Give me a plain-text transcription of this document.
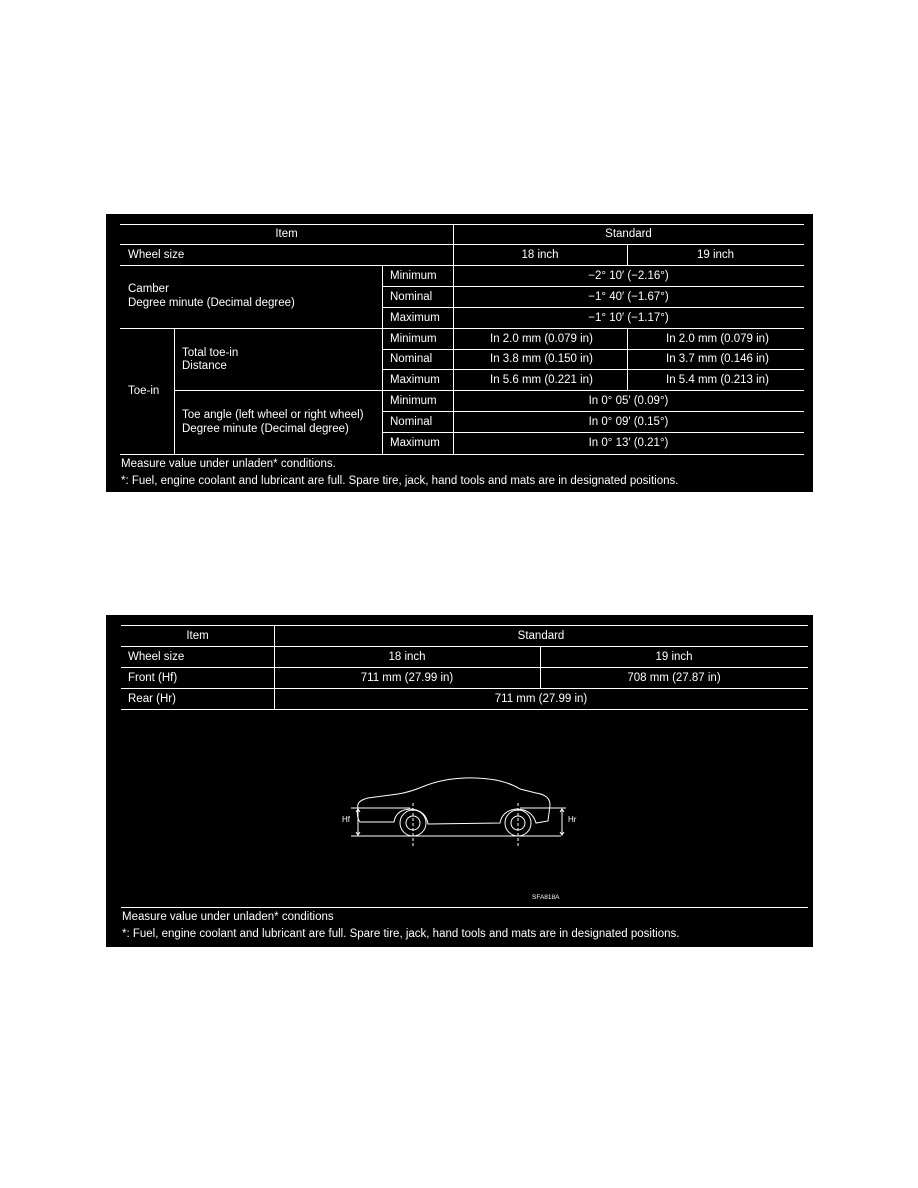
Item	Standard
Wheel size	18 inch	19 inch
Camber
Degree minute (Decimal degree)
Minimum	−2° 10′ (−2.16°)
Nominal	−1° 40′ (−1.67°)
Maximum	−1° 10′ (−1.17°)
Toe-in
Total toe-in
Distance
Minimum	In 2.0 mm (0.079 in)	In 2.0 mm (0.079 in)
Nominal	In 3.8 mm (0.150 in)	In 3.7 mm (0.146 in)
Maximum	In 5.6 mm (0.221 in)	In 5.4 mm (0.213 in)
Toe angle (left wheel or right wheel)
Degree minute (Decimal degree)
Minimum	In 0° 05′ (0.09°)
Nominal	In 0° 09′ (0.15°)
Maximum	In 0° 13′ (0.21°)
Measure value under unladen* conditions.
*: Fuel, engine coolant and lubricant are full. Spare tire, jack, hand tools and mats are in designated positions.
Item	Standard
Wheel size	18 inch	19 inch
Front (Hf)	711 mm (27.99 in)	708 mm (27.87 in)
Rear (Hr)	711 mm (27.99 in)
Hf	Hr
SFA818A
Measure value under unladen* conditions
*: Fuel, engine coolant and lubricant are full. Spare tire, jack, hand tools and mats are in designated positions.
